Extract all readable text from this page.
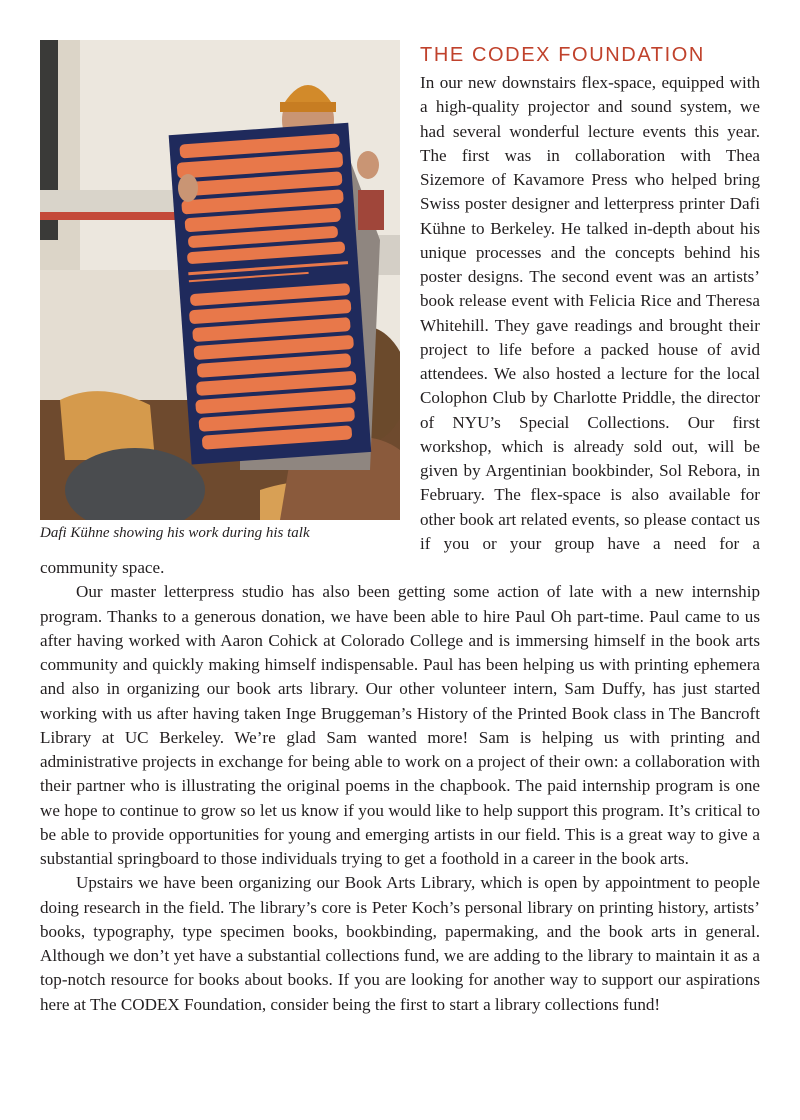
Dafi Kühne showing his work during his talk
THE CODEX FOUNDATION

In our new downstairs flex-space, equipped with a high-quality projector and sound system, we had several wonderful lecture events this year. The first was in collaboration with Thea Sizemore of Kavamore Press who helped bring Swiss poster designer and letterpress printer Dafi Kühne to Berkeley. He talked in-depth about his unique processes and the concepts behind his poster designs. The second event was an artists’ book release event with Felicia Rice and Theresa Whitehill. They gave readings and brought their project to life before a packed house of avid attendees. We also hosted a lecture for the local Colophon Club by Charlotte Priddle, the director of NYU’s Special Collections. Our first workshop, which is already sold out, will be given by Argentinian bookbinder, Sol Rebora, in February. The flex-space is also available for other book art related events, so please contact us if you or your group have a need for a community space.

Our master letterpress studio has also been getting some action of late with a new internship program. Thanks to a generous donation, we have been able to hire Paul Oh part-time. Paul came to us after having worked with Aaron Cohick at Colorado College and is immersing himself in the book arts community and quickly making himself indispensable. Paul has been helping us with printing ephemera and also in organizing our book arts library. Our other volunteer intern, Sam Duffy, has just started working with us after having taken Inge Bruggeman’s History of the Printed Book class in The Bancroft Library at UC Berkeley. We’re glad Sam wanted more! Sam is helping us with printing and administrative projects in exchange for being able to work on a project of their own: a collaboration with their partner who is illustrating the original poems in the chapbook. The paid internship program is one we hope to continue to grow so let us know if you would like to help support this program. It’s critical to be able to provide opportunities for young and emerging artists in our field. This is a great way to give a substantial springboard to those individuals trying to get a foothold in a career in the book arts.

Upstairs we have been organizing our Book Arts Library, which is open by appointment to people doing research in the field. The library’s core is Peter Koch’s personal library on printing history, artists’ books, typography, type specimen books, bookbinding, papermaking, and the book arts in general. Although we don’t yet have a substantial collections fund, we are adding to the library to maintain it as a top-notch resource for books about books. If you are looking for another way to support our aspirations here at The CODEX Foundation, consider being the first to start a library collections fund!
